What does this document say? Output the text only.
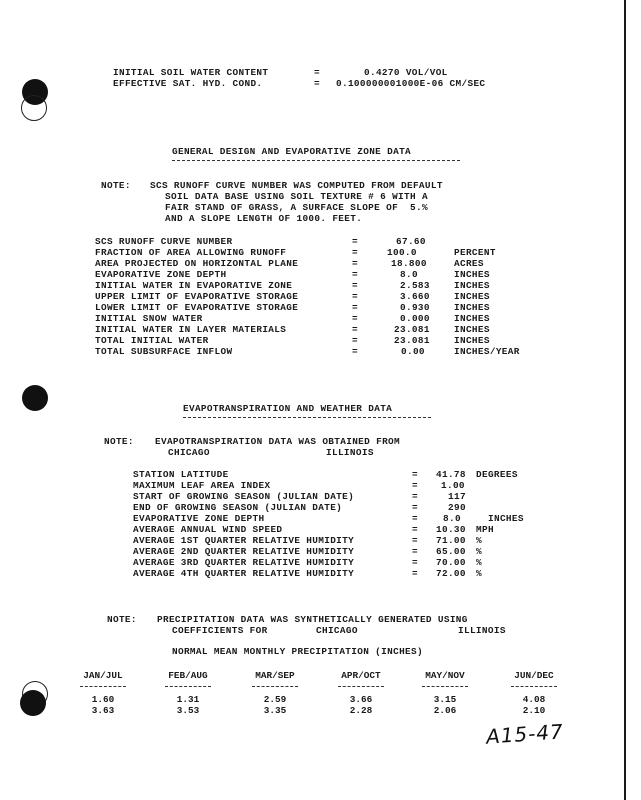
INITIAL SOIL WATER CONTENT	=	0.4270 VOL/VOL
EFFECTIVE SAT. HYD. COND.	= 0.100000001000E-06 CM/SEC
GENERAL DESIGN AND EVAPORATIVE ZONE DATA
NOTE: SCS RUNOFF CURVE NUMBER WAS COMPUTED FROM DEFAULT
SOIL DATA BASE USING SOIL TEXTURE # 6 WITH A
FAIR STAND OF GRASS, A SURFACE SLOPE OF  5.%
AND A SLOPE LENGTH OF 1000. FEET.
SCS RUNOFF CURVE NUMBER	=	67.60
FRACTION OF AREA ALLOWING RUNOFF	=	100.0	PERCENT
AREA PROJECTED ON HORIZONTAL PLANE	=	18.800	ACRES
EVAPORATIVE ZONE DEPTH	=	8.0	INCHES
INITIAL WATER IN EVAPORATIVE ZONE	=	2.583	INCHES
UPPER LIMIT OF EVAPORATIVE STORAGE	=	3.660	INCHES
LOWER LIMIT OF EVAPORATIVE STORAGE	=	0.930	INCHES
INITIAL SNOW WATER	=	0.000	INCHES
INITIAL WATER IN LAYER MATERIALS	=	23.081	INCHES
TOTAL INITIAL WATER	=	23.081	INCHES
TOTAL SUBSURFACE INFLOW	=	0.00	INCHES/YEAR
EVAPOTRANSPIRATION AND WEATHER DATA
NOTE: EVAPOTRANSPIRATION DATA WAS OBTAINED FROM
CHICAGO	ILLINOIS
STATION LATITUDE	= 41.78 DEGREES
MAXIMUM LEAF AREA INDEX	= 1.00
START OF GROWING SEASON (JULIAN DATE)	=	117
END OF GROWING SEASON (JULIAN DATE)	=	290
EVAPORATIVE ZONE DEPTH	=	8.0	INCHES
AVERAGE ANNUAL WIND SPEED	= 10.30 MPH
AVERAGE 1ST QUARTER RELATIVE HUMIDITY	= 71.00 %
AVERAGE 2ND QUARTER RELATIVE HUMIDITY	= 65.00 %
AVERAGE 3RD QUARTER RELATIVE HUMIDITY	= 70.00 %
AVERAGE 4TH QUARTER RELATIVE HUMIDITY	= 72.00 %
NOTE: PRECIPITATION DATA WAS SYNTHETICALLY GENERATED USING
COEFFICIENTS FOR	CHICAGO	ILLINOIS
NORMAL MEAN MONTHLY PRECIPITATION (INCHES)
JAN/JUL	FEB/AUG	MAR/SEP	APR/OCT	MAY/NOV	JUN/DEC
1.60	1.31	2.59	3.66	3.15	4.08
3.63	3.53	3.35	2.28	2.06	2.10
A15-47
